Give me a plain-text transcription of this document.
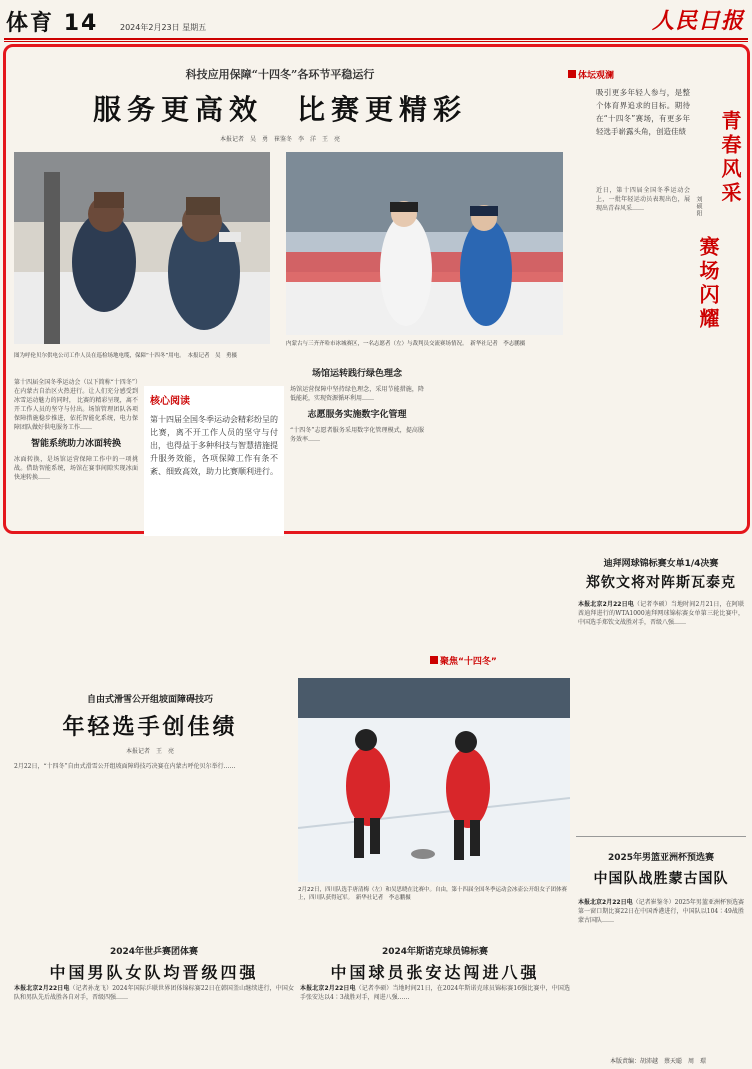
体育 14	2024年2月23日 星期五	人民日报
科技应用保障“十四冬”各环节平稳运行
服务更高效　比赛更精彩
本报记者　吴　勇　崔鉴冬　李　洋　王　亮
图为呼伦贝尔供电公司工作人员在巡检场地电缆，保障“十四冬”用电。　本报记者　吴　勇摄
内蒙古与三齐齐哈市冰城赛区，一名志愿者（左）与裁判员交流赛场情况。　新华社记者　李志鹏摄
核心阅读
第十四届全国冬季运动会精彩纷呈的比赛，离不开工作人员的坚守与付出，也得益于多种科技与智慧措施提升服务效能，各项保障工作有条不紊、细致高效，助力比赛顺利进行。
第十四届全国冬季运动会（以下简称“十四冬”）在内蒙古自治区火热进行。让人们充分感受到冰雪运动魅力的同时， 比赛的精彩呈现，离不开工作人员的坚守与付出。场馆管理团队各项保障措施稳步推进，依托智能化系统，电力保障团队做好供电服务工作……
智能系统助力冰面转换
冰面转换，是场馆运营保障工作中的一项挑战。借助智能系统，场馆在赛事间隙实现冰面快速转换……
场馆运转践行绿色理念
场馆运营保障中坚持绿色理念，采用节能措施，降低能耗，实现资源循环利用……
志愿服务实施数字化管理
“十四冬”志愿者服务采用数字化管理模式，提高服务效率……
体坛观澜
吸引更多年轻人参与，是整个体育界追求的目标。期待在“十四冬”赛场，有更多年轻选手崭露头角，创造佳绩 青春风采
赛场闪耀
刘硕阳
近日，第十四届全国冬季运动会上，一批年轻运动员表现出色，展现出青春风采……
聚焦“十四冬”
自由式滑雪公开组坡面障碍技巧
年轻选手创佳绩
本报记者　王　亮
2月22日，“十四冬”自由式滑雪公开组坡面障碍技巧决赛在内蒙古呼伦贝尔举行……
2月22日，四川队选手唐清梅（左）和吴思晓在比赛中。自由，第十四届全国冬季运动会冰壶公开组女子团体赛上，四川队获得冠军。　新华社记者　李志鹏摄
迪拜网球锦标赛女单1/4决赛
郑钦文将对阵斯瓦泰克
本报北京2月22日电（记者李硕）当地时间2月21日，在阿联酋迪拜进行的WTA1000迪拜网球锦标赛女单第三轮比赛中，中国选手郑钦文战胜对手，晋级八强……
2025年男篮亚洲杯预选赛
中国队战胜蒙古国队
本报北京2月22日电（记者崔鉴冬）2025年男篮亚洲杯预选赛第一窗口期比赛22日在中国香港进行，中国队以104∶49战胜蒙古国队……
2024年世乒赛团体赛
中国男队女队均晋级四强
本报北京2月22日电（记者孙龙飞）2024年国际乒联世界团体锦标赛22日在韩国釜山继续进行，中国女队和男队先后战胜各自对手，晋级四强……
2024年斯诺克球员锦标赛
中国球员张安达闯进八强
本报北京2月22日电（记者李硕）当地时间21日，在2024年斯诺克球员锦标赛16强比赛中，中国选手张安达以4∶3战胜对手，闯进八强……
本版责编：胡沛越　蔡天聪　周　璟
